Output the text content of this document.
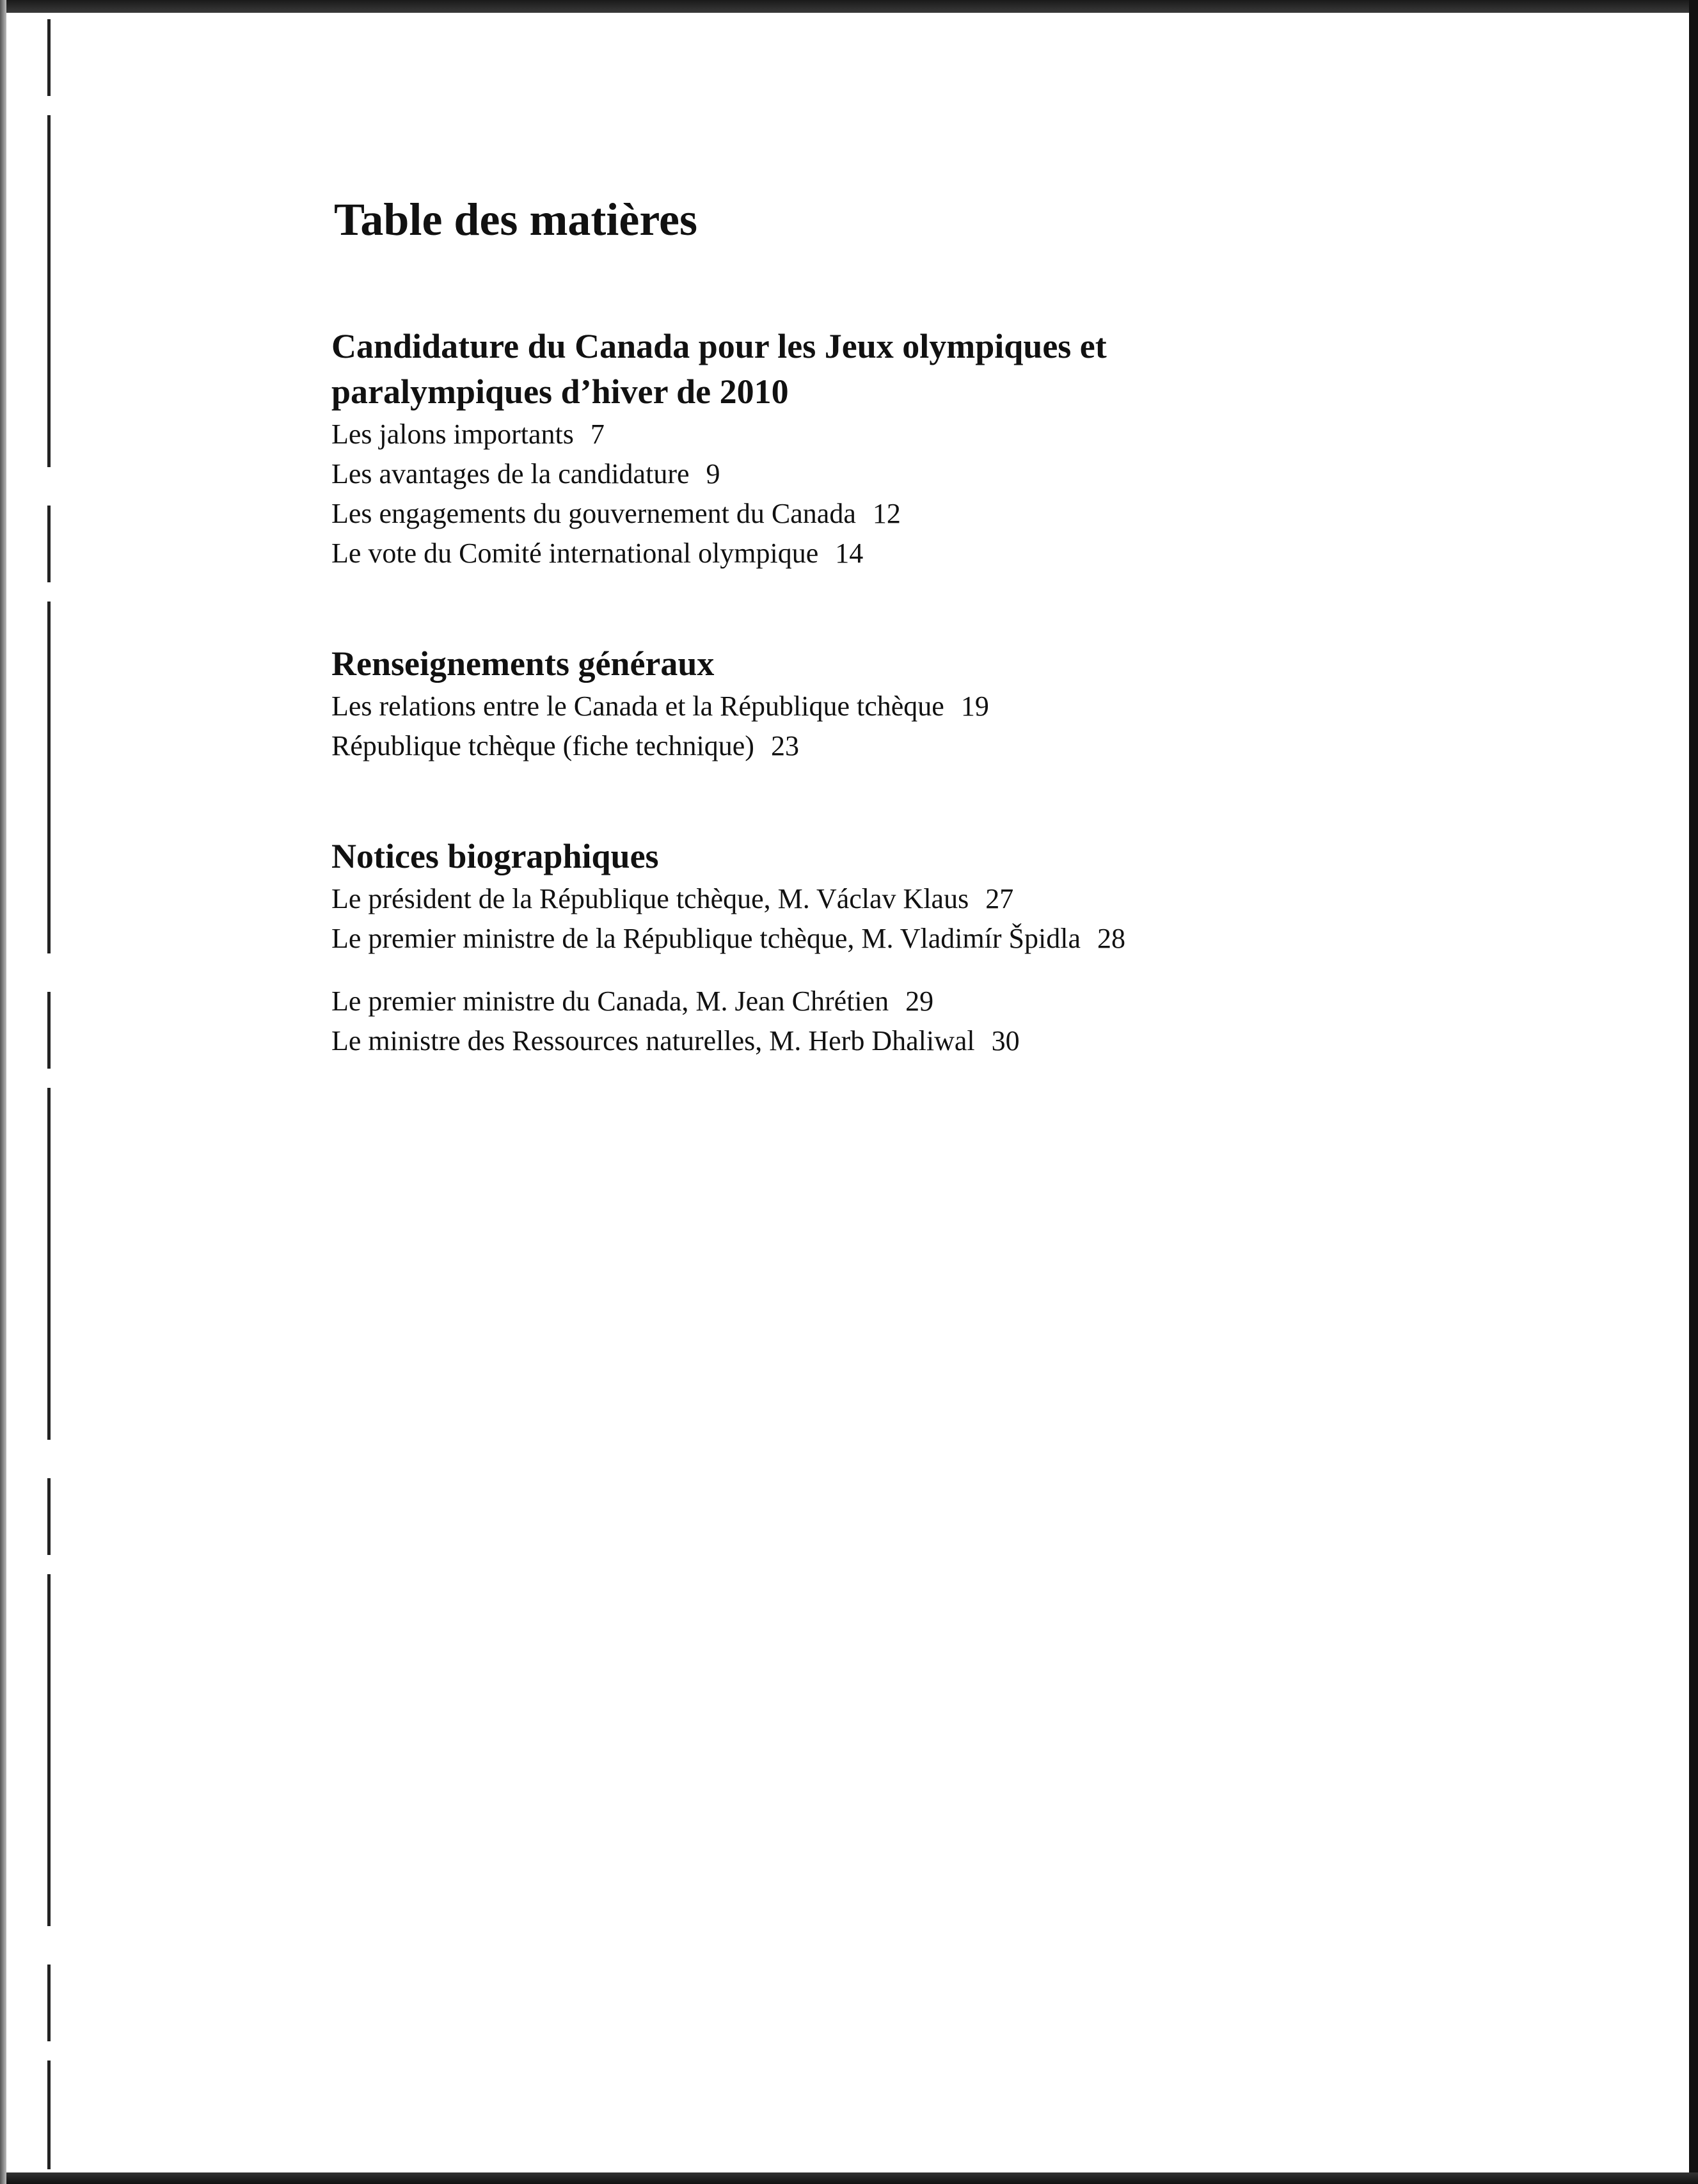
Table des matières
Candidature du Canada pour les Jeux olympiques et
paralympiques d’hiver de 2010
Les jalons importants 7
Les avantages de la candidature 9
Les engagements du gouvernement du Canada 12
Le vote du Comité international olympique 14
Renseignements généraux
Les relations entre le Canada et la République tchèque 19
République tchèque (fiche technique) 23
Notices biographiques
Le président de la République tchèque, M. Václav Klaus 27
Le premier ministre de la République tchèque, M. Vladimír Špidla 28
Le premier ministre du Canada, M. Jean Chrétien 29
Le ministre des Ressources naturelles, M. Herb Dhaliwal 30
